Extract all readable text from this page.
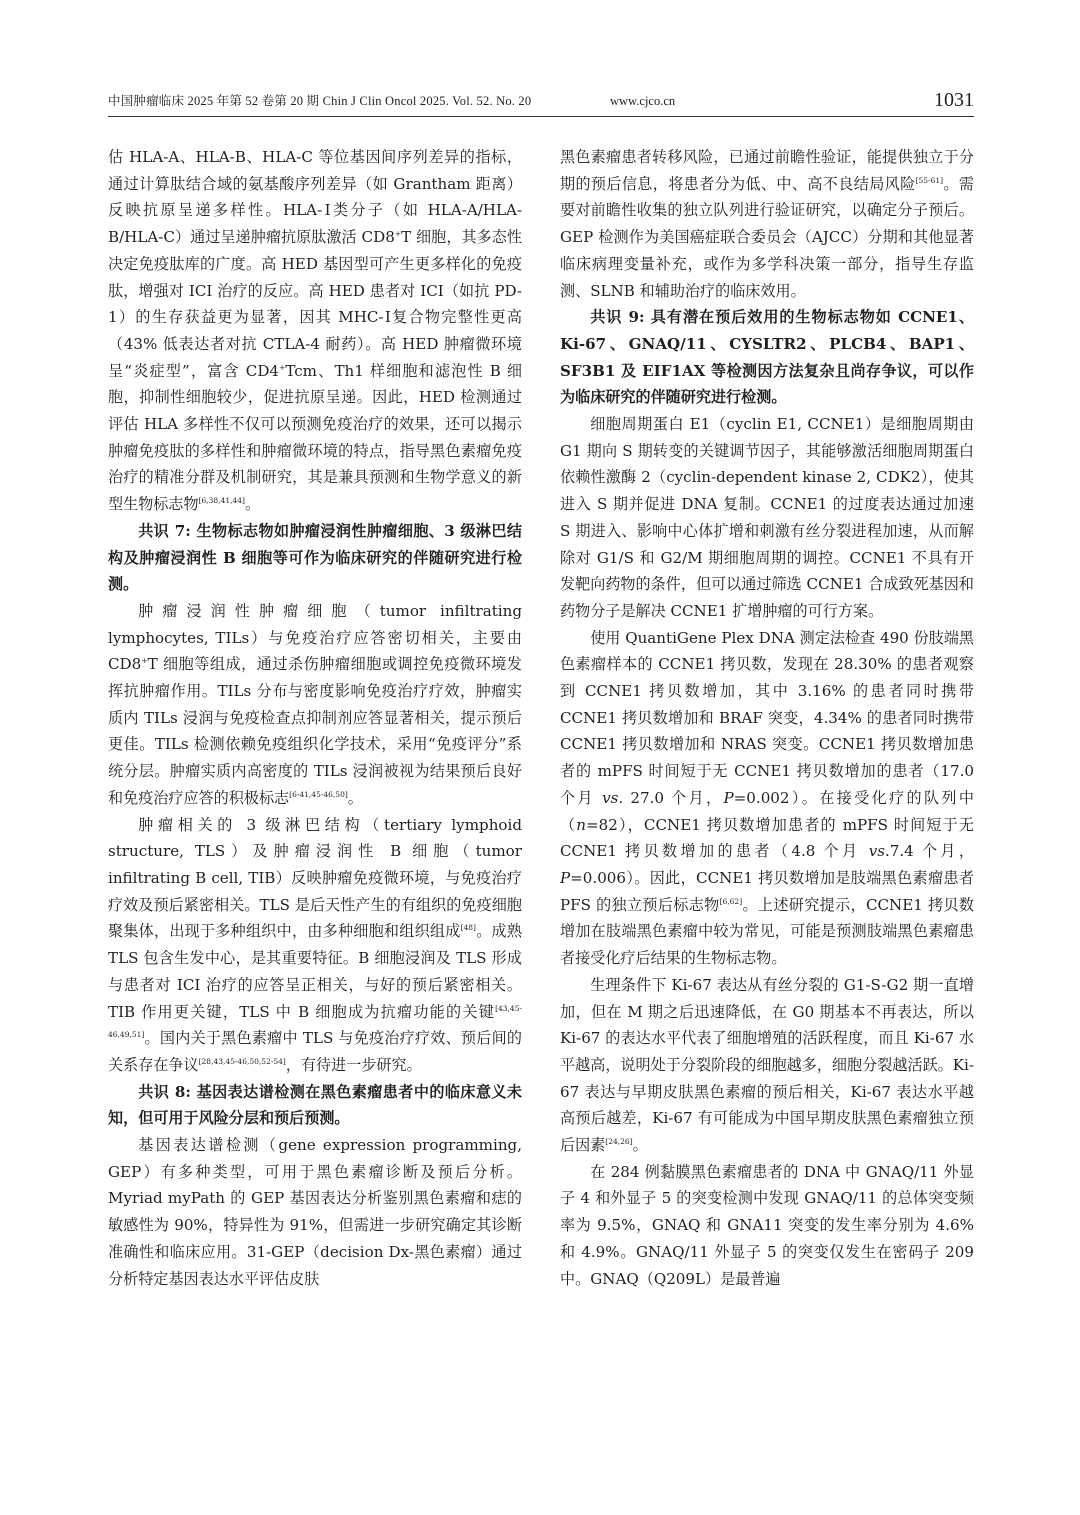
中国肿瘤临床 2025 年第 52 卷第 20 期 Chin J Clin Oncol 2025. Vol. 52. No. 20	www.cjco.cn	1031

估 HLA-A、HLA-B、HLA-C 等位基因间序列差异的指标，通过计算肽结合域的氨基酸序列差异（如 Grantham 距离）反映抗原呈递多样性。HLA-Ⅰ类分子（如 HLA-A/HLA-B/HLA-C）通过呈递肿瘤抗原肽激活 CD8+T 细胞，其多态性决定免疫肽库的广度。高 HED 基因型可产生更多样化的免疫肽，增强对 ICI 治疗的反应。高 HED 患者对 ICI（如抗 PD-1）的生存获益更为显著，因其 MHC-Ⅰ复合物完整性更高（43% 低表达者对抗 CTLA-4 耐药）。高 HED 肿瘤微环境呈“炎症型”，富含 CD4+Tcm、Th1 样细胞和滤泡性 B 细胞，抑制性细胞较少，促进抗原呈递。因此，HED 检测通过评估 HLA 多样性不仅可以预测免疫治疗的效果，还可以揭示肿瘤免疫肽的多样性和肿瘤微环境的特点，指导黑色素瘤免疫治疗的精准分群及机制研究，其是兼具预测和生物学意义的新型生物标志物[6,38,41,44]。

共识 7: 生物标志物如肿瘤浸润性肿瘤细胞、3 级淋巴结构及肿瘤浸润性 B 细胞等可作为临床研究的伴随研究进行检测。

肿瘤浸润性肿瘤细胞（tumor infiltrating lymphocytes, TILs）与免疫治疗应答密切相关，主要由 CD8+T 细胞等组成，通过杀伤肿瘤细胞或调控免疫微环境发挥抗肿瘤作用。TILs 分布与密度影响免疫治疗疗效，肿瘤实质内 TILs 浸润与免疫检查点抑制剂应答显著相关，提示预后更佳。TILs 检测依赖免疫组织化学技术，采用“免疫评分”系统分层。肿瘤实质内高密度的 TILs 浸润被视为结果预后良好和免疫治疗应答的积极标志[6-41,45-46,50]。

肿瘤相关的 3 级淋巴结构（tertiary lymphoid structure, TLS）及肿瘤浸润性 B 细胞（tumor infiltrating B cell, TIB）反映肿瘤免疫微环境，与免疫治疗疗效及预后紧密相关。TLS 是后天性产生的有组织的免疫细胞聚集体，出现于多种组织中，由多种细胞和组织组成[48]。成熟 TLS 包含生发中心，是其重要特征。B 细胞浸润及 TLS 形成与患者对 ICI 治疗的应答呈正相关，与好的预后紧密相关。TIB 作用更关键，TLS 中 B 细胞成为抗瘤功能的关键[43,45-46,49,51]。国内关于黑色素瘤中 TLS 与免疫治疗疗效、预后间的关系存在争议[28,43,45-46,50,52-54]，有待进一步研究。

共识 8: 基因表达谱检测在黑色素瘤患者中的临床意义未知，但可用于风险分层和预后预测。

基因表达谱检测（gene expression programming, GEP）有多种类型，可用于黑色素瘤诊断及预后分析。Myriad myPath 的 GEP 基因表达分析鉴别黑色素瘤和痣的敏感性为 90%，特异性为 91%，但需进一步研究确定其诊断准确性和临床应用。31-GEP（decision Dx-黑色素瘤）通过分析特定基因表达水平评估皮肤

黑色素瘤患者转移风险，已通过前瞻性验证，能提供独立于分期的预后信息，将患者分为低、中、高不良结局风险[55-61]。需要对前瞻性收集的独立队列进行验证研究，以确定分子预后。GEP 检测作为美国癌症联合委员会（AJCC）分期和其他显著临床病理变量补充，或作为多学科决策一部分，指导生存监测、SLNB 和辅助治疗的临床效用。

共识 9: 具有潜在预后效用的生物标志物如 CCNE1、Ki-67、GNAQ/11、CYSLTR2、PLCB4、BAP1、SF3B1 及 EIF1AX 等检测因方法复杂且尚存争议，可以作为临床研究的伴随研究进行检测。

细胞周期蛋白 E1（cyclin E1, CCNE1）是细胞周期由 G1 期向 S 期转变的关键调节因子，其能够激活细胞周期蛋白依赖性激酶 2（cyclin-dependent kinase 2, CDK2），使其进入 S 期并促进 DNA 复制。CCNE1 的过度表达通过加速 S 期进入、影响中心体扩增和刺激有丝分裂进程加速，从而解除对 G1/S 和 G2/M 期细胞周期的调控。CCNE1 不具有开发靶向药物的条件，但可以通过筛选 CCNE1 合成致死基因和药物分子是解决 CCNE1 扩增肿瘤的可行方案。

使用 QuantiGene Plex DNA 测定法检查 490 份肢端黑色素瘤样本的 CCNE1 拷贝数，发现在 28.30% 的患者观察到 CCNE1 拷贝数增加，其中 3.16% 的患者同时携带 CCNE1 拷贝数增加和 BRAF 突变，4.34% 的患者同时携带 CCNE1 拷贝数增加和 NRAS 突变。CCNE1 拷贝数增加患者的 mPFS 时间短于无 CCNE1 拷贝数增加的患者（17.0 个月 vs. 27.0 个月，P=0.002）。在接受化疗的队列中（n=82），CCNE1 拷贝数增加患者的 mPFS 时间短于无 CCNE1 拷贝数增加的患者（4.8 个月 vs.7.4 个月，P=0.006）。因此，CCNE1 拷贝数增加是肢端黑色素瘤患者 PFS 的独立预后标志物[6,62]。上述研究提示，CCNE1 拷贝数增加在肢端黑色素瘤中较为常见，可能是预测肢端黑色素瘤患者接受化疗后结果的生物标志物。

生理条件下 Ki-67 表达从有丝分裂的 G1-S-G2 期一直增加，但在 M 期之后迅速降低，在 G0 期基本不再表达，所以 Ki-67 的表达水平代表了细胞增殖的活跃程度，而且 Ki-67 水平越高，说明处于分裂阶段的细胞越多，细胞分裂越活跃。Ki-67 表达与早期皮肤黑色素瘤的预后相关，Ki-67 表达水平越高预后越差，Ki-67 有可能成为中国早期皮肤黑色素瘤独立预后因素[24,26]。

在 284 例黏膜黑色素瘤患者的 DNA 中 GNAQ/11 外显子 4 和外显子 5 的突变检测中发现 GNAQ/11 的总体突变频率为 9.5%，GNAQ 和 GNA11 突变的发生率分别为 4.6% 和 4.9%。GNAQ/11 外显子 5 的突变仅发生在密码子 209 中。GNAQ（Q209L）是最普遍
